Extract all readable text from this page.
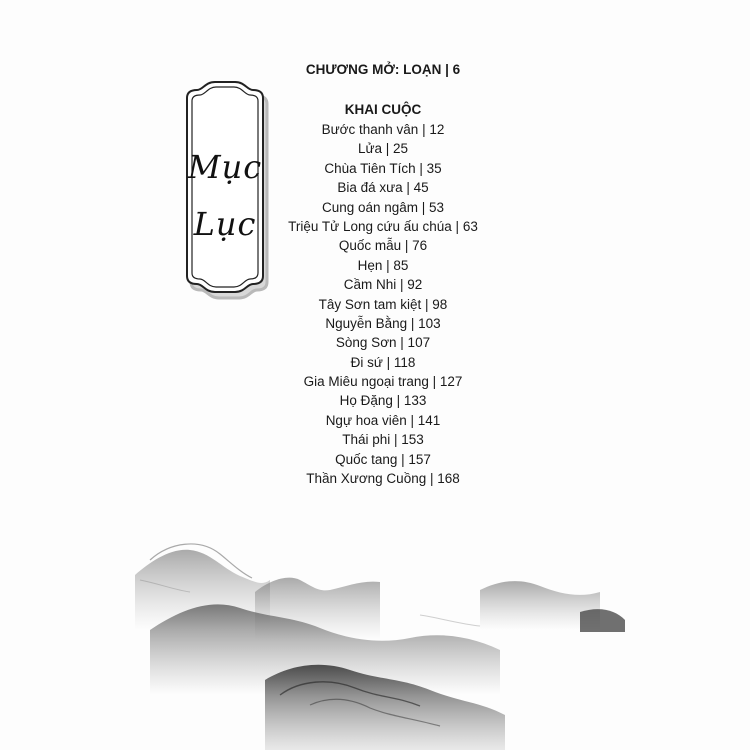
Mục
Lục
CHƯƠNG MỞ: LOẠN | 6
KHAI CUỘC
Bước thanh vân | 12
Lửa | 25
Chùa Tiên Tích | 35
Bia đá xưa | 45
Cung oán ngâm | 53
Triệu Tử Long cứu ấu chúa | 63
Quốc mẫu | 76
Hẹn | 85
Cầm Nhi | 92
Tây Sơn tam kiệt | 98
Nguyễn Bằng | 103
Sòng Sơn | 107
Đi sứ | 118
Gia Miêu ngoại trang | 127
Họ Đặng | 133
Ngự hoa viên | 141
Thái phi | 153
Quốc tang | 157
Thần Xương Cuồng | 168
